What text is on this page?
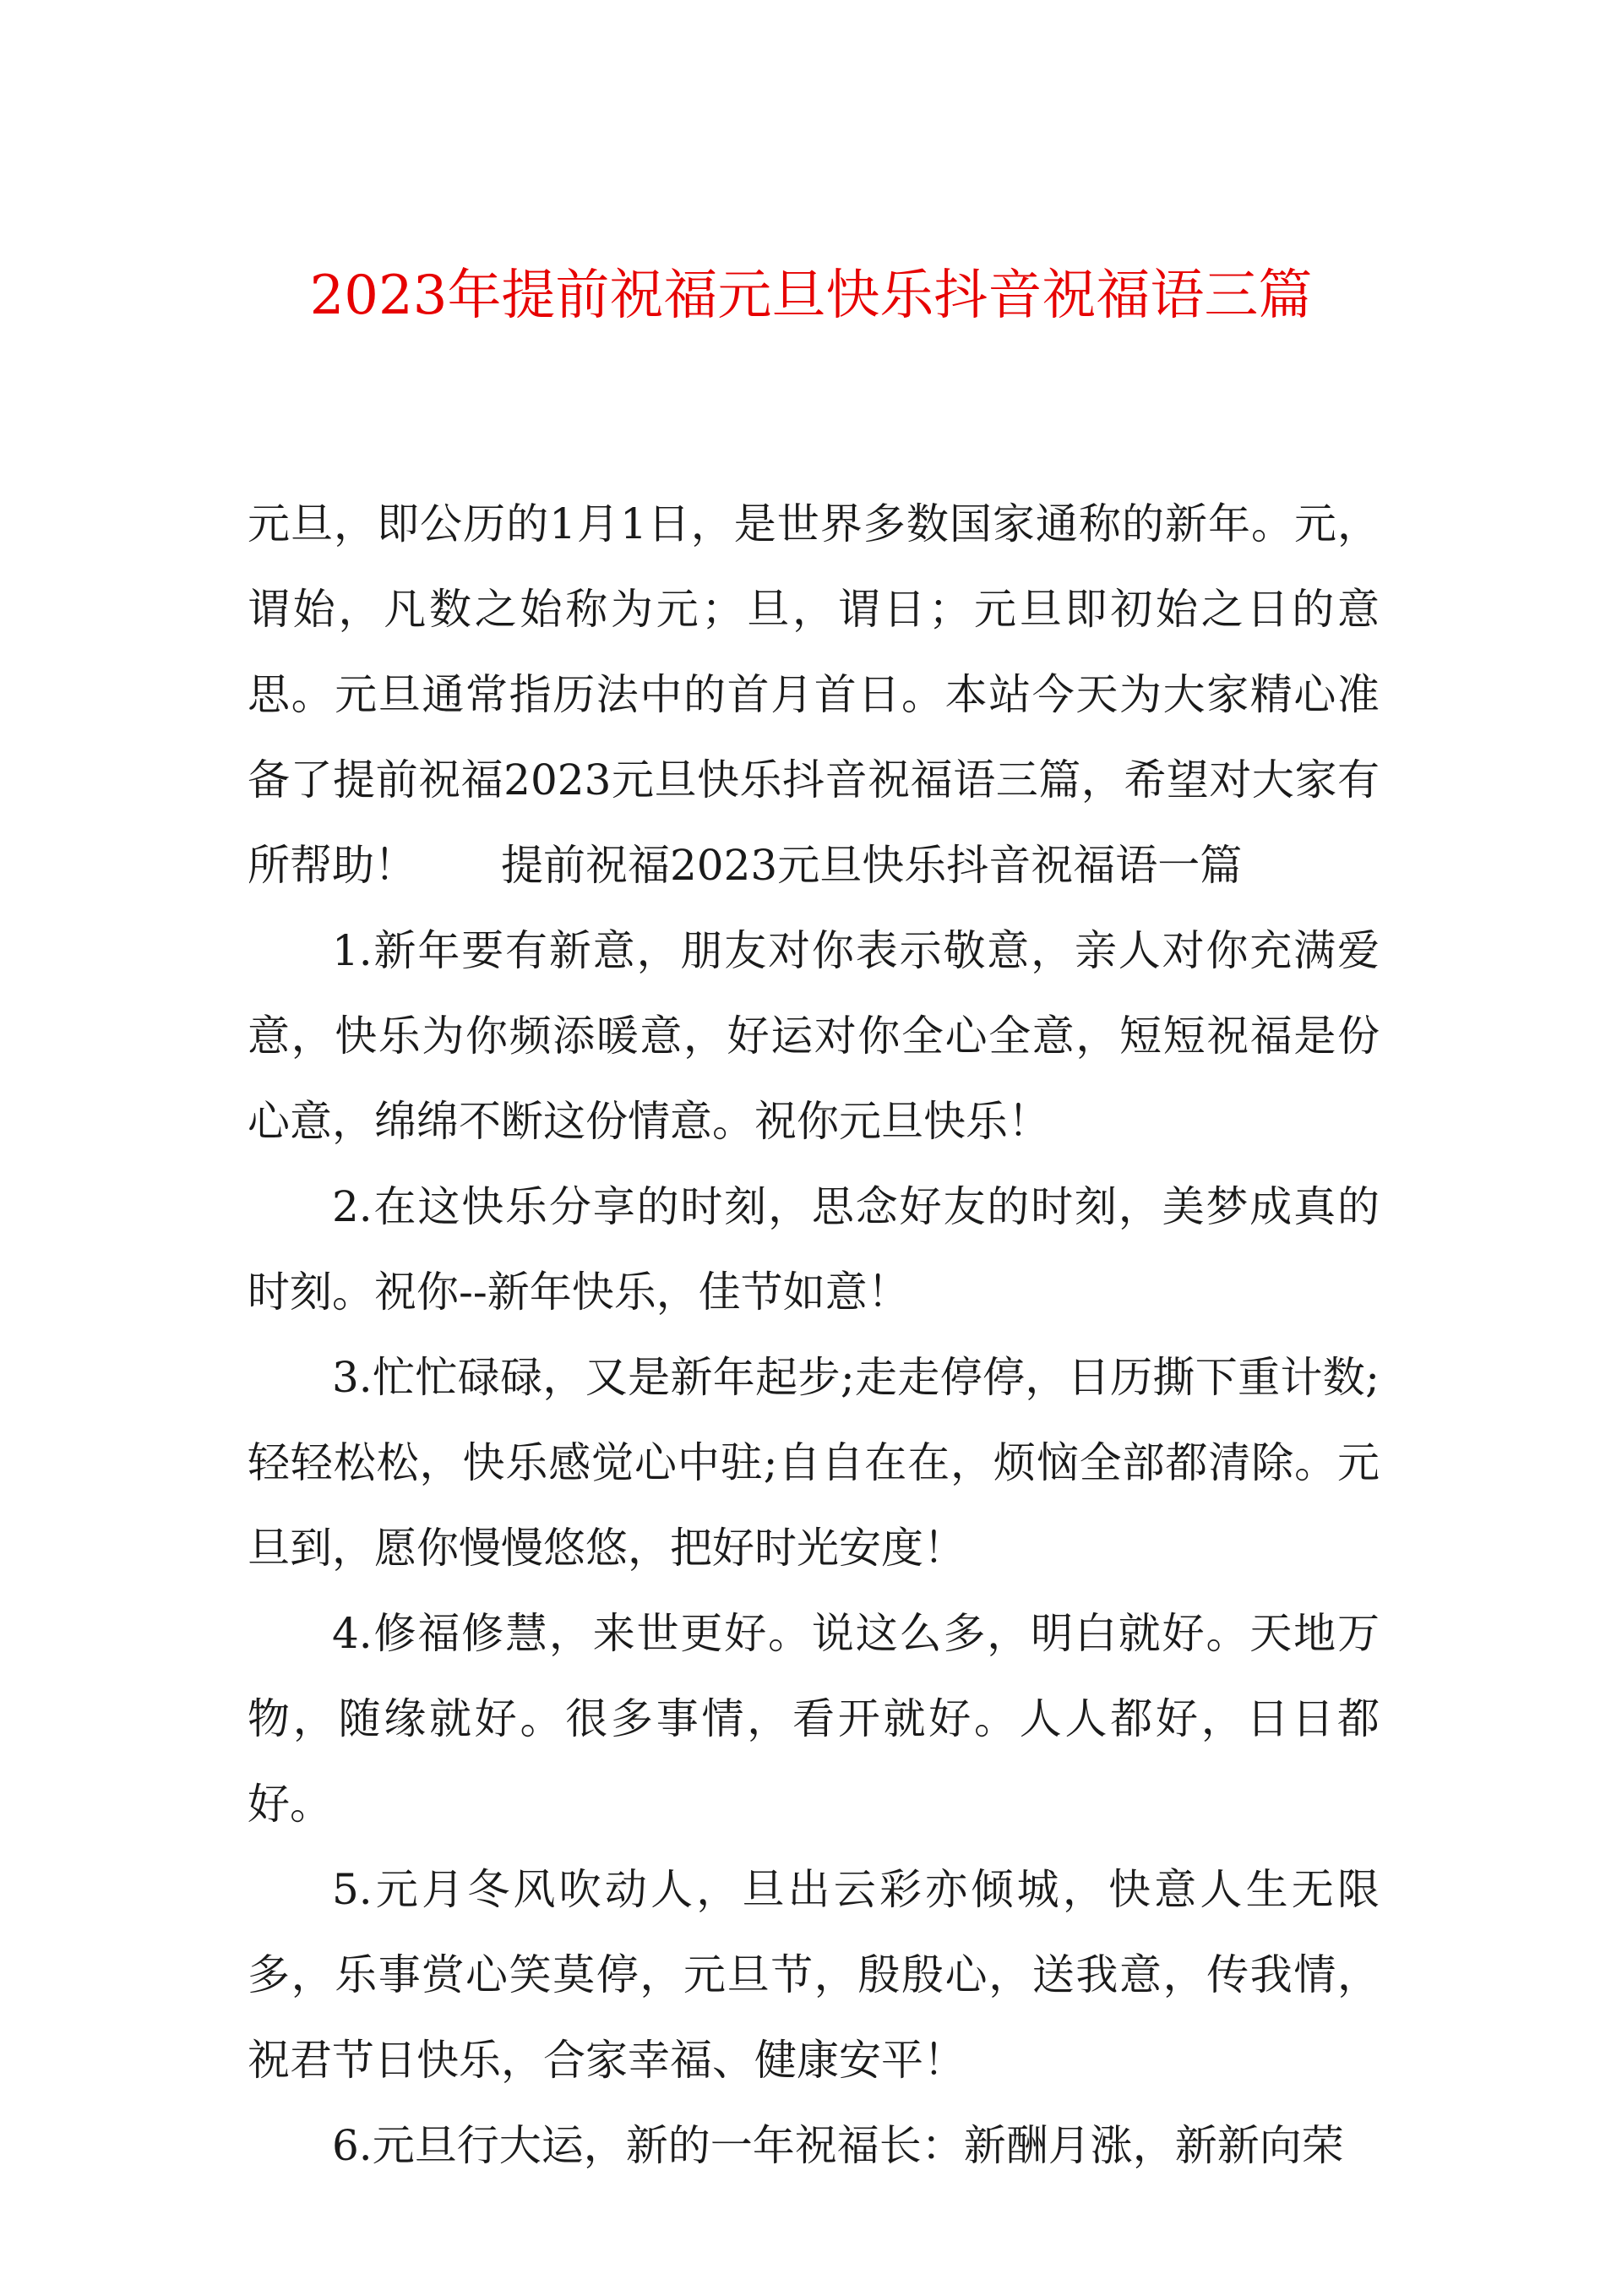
2023年提前祝福元旦快乐抖音祝福语三篇

元旦，即公历的1月1日，是世界多数国家通称的新年。元，谓始，凡数之始称为元；旦，谓日；元旦即初始之日的意思。元旦通常指历法中的首月首日。本站今天为大家精心准备了提前祝福2023元旦快乐抖音祝福语三篇，希望对大家有所帮助！ 提前祝福2023元旦快乐抖音祝福语一篇

1.新年要有新意，朋友对你表示敬意，亲人对你充满爱意，快乐为你频添暖意，好运对你全心全意，短短祝福是份心意，绵绵不断这份情意。祝你元旦快乐！

2.在这快乐分享的时刻，思念好友的时刻，美梦成真的时刻。祝你--新年快乐，佳节如意！

3.忙忙碌碌，又是新年起步;走走停停，日历撕下重计数;轻轻松松，快乐感觉心中驻;自自在在，烦恼全部都清除。元旦到，愿你慢慢悠悠，把好时光安度！

4.修福修慧，来世更好。说这么多，明白就好。天地万物，随缘就好。很多事情，看开就好。人人都好，日日都好。

5.元月冬风吹动人，旦出云彩亦倾城，快意人生无限多，乐事赏心笑莫停，元旦节，殷殷心，送我意，传我情，祝君节日快乐，合家幸福、健康安平！

6.元旦行大运，新的一年祝福长：新酬月涨，新新向荣
